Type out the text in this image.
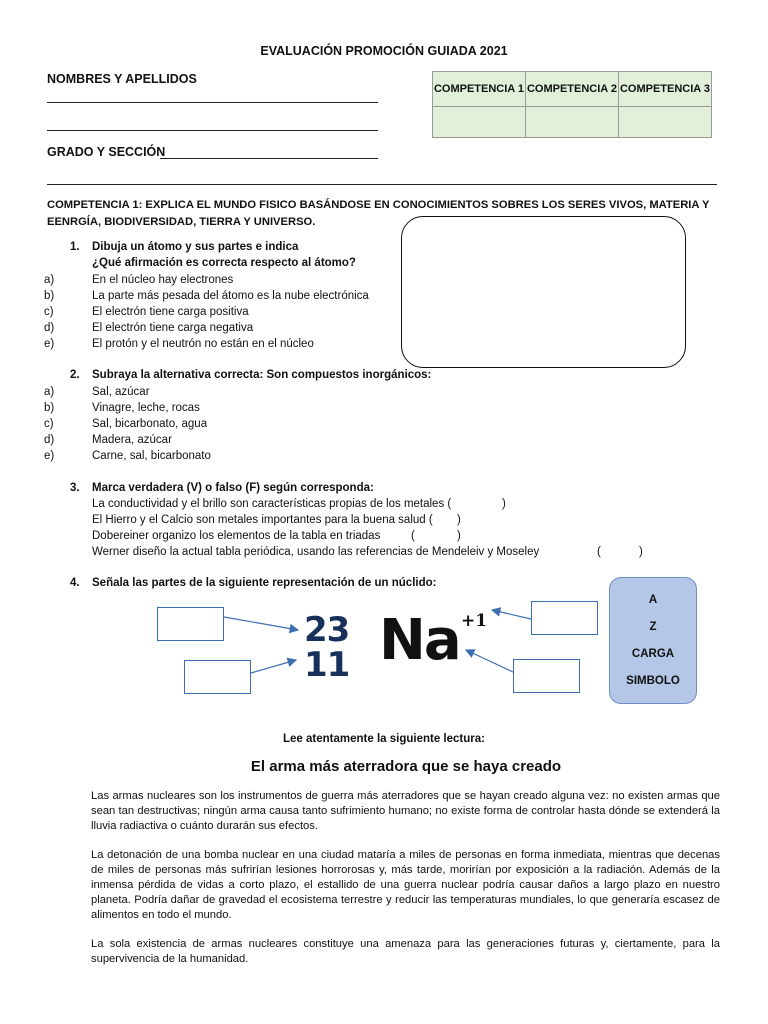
EVALUACIÓN PROMOCIÓN GUIADA 2021
NOMBRES Y APELLIDOS
GRADO Y SECCIÓN
COMPETENCIA 1	COMPETENCIA 2	COMPETENCIA 3

COMPETENCIA 1: EXPLICA EL MUNDO FISICO BASÁNDOSE EN CONOCIMIENTOS SOBRES LOS SERES VIVOS, MATERIA Y EENRGÍA, BIODIVERSIDAD, TIERRA Y UNIVERSO.
1. Dibuja un átomo y sus partes e indica
¿Qué afirmación es correcta respecto al átomo?
a)	En el núcleo hay electrones
b)	La parte más pesada del átomo es la nube electrónica
c)	El electrón tiene carga positiva
d)	El electrón tiene carga negativa
e)	El protón y el neutrón no están en el núcleo
2. Subraya la alternativa correcta: Son compuestos inorgánicos:
a)	Sal, azúcar
b)	Vinagre, leche, rocas
c)	Sal, bicarbonato, agua
d)	Madera, azúcar
e)	Carne, sal, bicarbonato
3. Marca verdadera (V) o falso (F) según corresponda:
La conductividad y el brillo son características propias de los metales (	)
El Hierro y el Calcio son metales importantes para la buena salud ( )
Dobereiner organizo los elementos de la tabla en triadas	(	)
Werner diseño la actual tabla periódica, usando las referencias de Mendeleiv y Moseley	(	)
4. Señala las partes de la siguiente representación de un núclido:
23
11 Na +1
A
Z
CARGA
SIMBOLO
Lee atentamente la siguiente lectura:
El arma más aterradora que se haya creado
Las armas nucleares son los instrumentos de guerra más aterradores que se hayan creado alguna vez: no existen armas que sean tan destructivas; ningún arma causa tanto sufrimiento humano; no existe forma de controlar hasta dónde se extenderá la lluvia radiactiva o cuánto durarán sus efectos.
La detonación de una bomba nuclear en una ciudad mataría a miles de personas en forma inmediata, mientras que decenas de miles de personas más sufrirían lesiones horrorosas y, más tarde, morirían por exposición a la radiación. Además de la inmensa pérdida de vidas a corto plazo, el estallido de una guerra nuclear podría causar daños a largo plazo en nuestro planeta. Podría dañar de gravedad el ecosistema terrestre y reducir las temperaturas mundiales, lo que generaría escasez de alimentos en todo el mundo.
La sola existencia de armas nucleares constituye una amenaza para las generaciones futuras y, ciertamente, para la supervivencia de la humanidad.
